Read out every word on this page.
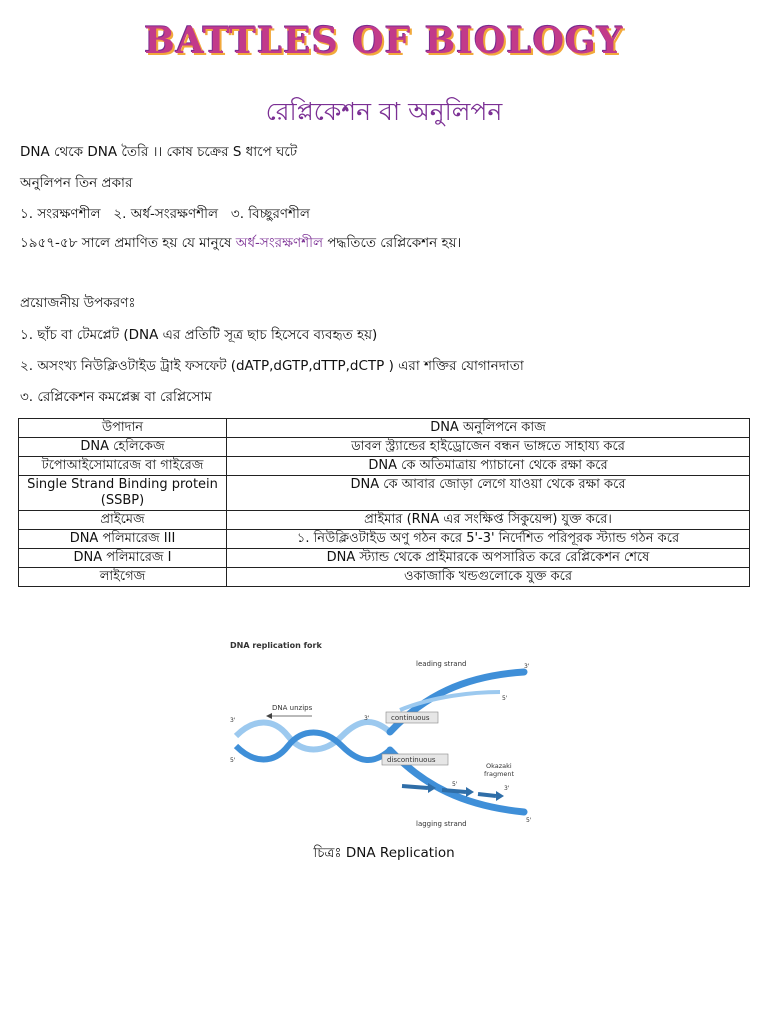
BATTLES OF BIOLOGY
রেপ্লিকেশন বা অনুলিপন
DNA থেকে DNA তৈরি ।। কোষ চক্রের S ধাপে ঘটে
অনুলিপন তিন প্রকার
১. সংরক্ষণশীল ২. অর্ধ-সংরক্ষণশীল ৩. বিচ্ছুরণশীল
১৯৫৭-৫৮ সালে প্রমাণিত হয় যে মানুষে অর্ধ-সংরক্ষণশীল পদ্ধতিতে রেপ্লিকেশন হয়।
প্রয়োজনীয় উপকরণঃ
১. ছাঁচ বা টেমপ্লেট (DNA এর প্রতিটি সূত্র ছাচ হিসেবে ব্যবহৃত হয়)
২. অসংখ্য নিউক্লিওটাইড ট্রাই ফসফেট (dATP,dGTP,dTTP,dCTP ) এরা শক্তির যোগানদাতা
৩. রেপ্লিকেশন কমপ্লেক্স বা রেপ্লিসোম
উপাদান	DNA অনুলিপনে কাজ
DNA হেলিকেজ	ডাবল স্ট্র্যান্ডের হাইড্রোজেন বন্ধন ভাঙ্গতে সাহায্য করে
টপোআইসোমারেজ বা গাইরেজ	DNA কে অতিমাত্রায় প্যাচানো থেকে রক্ষা করে
Single Strand Binding protein (SSBP)	DNA কে আবার জোড়া লেগে যাওয়া থেকে রক্ষা করে
প্রাইমেজ	প্রাইমার (RNA এর সংক্ষিপ্ত সিকুয়েন্স) যুক্ত করে।
DNA পলিমারেজ III	১. নিউক্লিওটাইড অণু গঠন করে 5'-3' নির্দেশিত পরিপূরক স্ট্যান্ড গঠন করে
DNA পলিমারেজ I	DNA স্ট্যান্ড থেকে প্রাইমারকে অপসারিত করে রেপ্লিকেশন শেষে
লাইগেজ	ওকাজাকি খন্ডগুলোকে যুক্ত করে
DNA replication fork
DNA unzips
leading strand
lagging strand
continuous
discontinuous
Okazaki
fragment
3'
5'
3'
5'
3'
5'
3'
5'
চিত্রঃ DNA Replication
